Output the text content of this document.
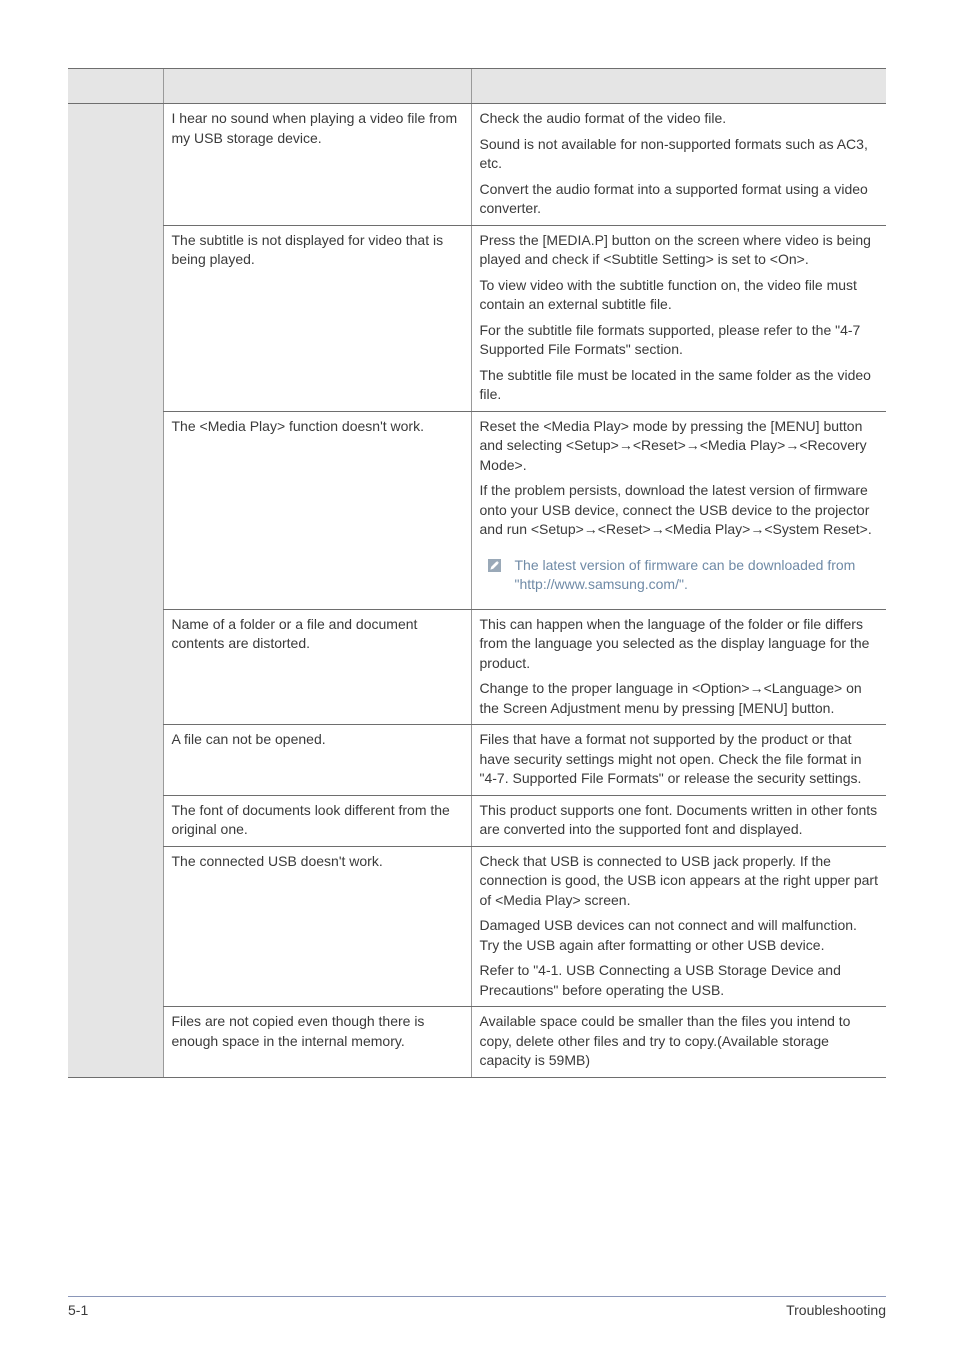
	I hear no sound when playing a video file from my USB storage device.	Check the audio format of the video file.

Sound is not available for non-supported formats such as AC3, etc.

Convert the audio format into a supported format using a video converter.

	The subtitle is not displayed for video that is being played.	Press the [MEDIA.P] button on the screen where video is being played and check if <Subtitle Setting> is set to <On>.

To view video with the subtitle function on, the video file must contain an external subtitle file.

For the subtitle file formats supported, please refer to the "4-7 Supported File Formats" section.

The subtitle file must be located in the same folder as the video file.

	The <Media Play> function doesn't work.	Reset the <Media Play> mode by pressing the [MENU] button and selecting <Setup>→<Reset>→<Media Play>→<Recovery Mode>.

If the problem persists, download the latest version of firmware onto your USB device, connect the USB device to the projector and run <Setup>→<Reset>→<Media Play>→<System Reset>.

The latest version of firmware can be downloaded from "http://www.samsung.com/".

	Name of a folder or a file and document contents are distorted.	This can happen when the language of the folder or file differs from the language you selected as the display language for the product.

Change to the proper language in <Option>→<Language> on the Screen Adjustment menu by pressing [MENU] button.

	A file can not be opened.	Files that have a format not supported by the product or that have security settings might not open. Check the file format in "4-7. Supported File Formats" or release the security settings.

	The font of documents look different from the original one.	This product supports one font. Documents written in other fonts are converted into the supported font and displayed.

	The connected USB doesn't work.	Check that USB is connected to USB jack properly. If the connection is good, the USB icon appears at the right upper part of <Media Play> screen.

Damaged USB devices can not connect and will malfunction. Try the USB again after formatting or other USB device.

Refer to "4-1. USB Connecting a USB Storage Device and Precautions" before operating the USB.

	Files are not copied even though there is enough space in the internal memory.	Available space could be smaller than the files you intend to copy, delete other files and try to copy.(Available storage capacity is 59MB)

5-1	Troubleshooting
